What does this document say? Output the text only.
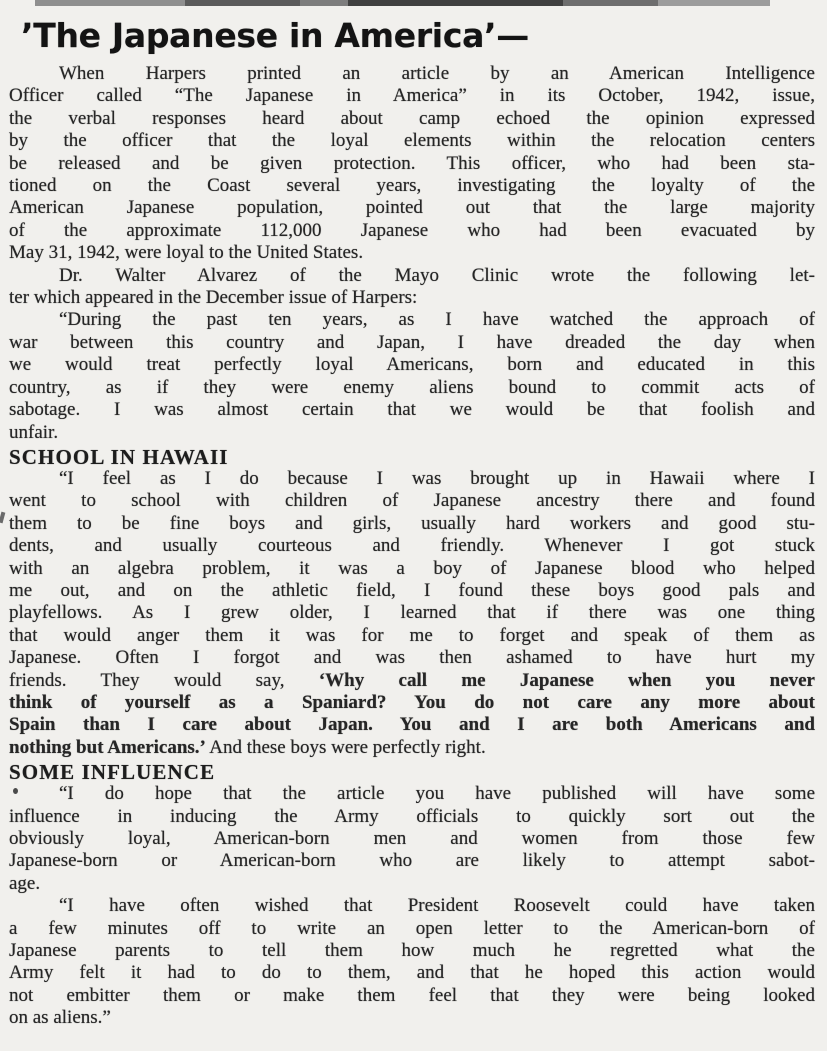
’The Japanese in America’—
When Harpers printed an article by an American Intelligence
Officer called “The Japanese in America” in its October, 1942, issue,
the verbal responses heard about camp echoed the opinion expressed
by the officer that the loyal elements within the relocation centers
be released and be given protection. This officer, who had been sta-
tioned on the Coast several years, investigating the loyalty of the
American Japanese population, pointed out that the large majority
of the approximate 112,000 Japanese who had been evacuated by
May 31, 1942, were loyal to the United States.
Dr. Walter Alvarez of the Mayo Clinic wrote the following let-
ter which appeared in the December issue of Harpers:
“During the past ten years, as I have watched the approach of
war between this country and Japan, I have dreaded the day when
we would treat perfectly loyal Americans, born and educated in this
country, as if they were enemy aliens bound to commit acts of
sabotage. I was almost certain that we would be that foolish and
unfair.
SCHOOL IN HAWAII
“I feel as I do because I was brought up in Hawaii where I
went to school with children of Japanese ancestry there and found
them to be fine boys and girls, usually hard workers and good stu-
dents, and usually courteous and friendly. Whenever I got stuck
with an algebra problem, it was a boy of Japanese blood who helped
me out, and on the athletic field, I found these boys good pals and
playfellows. As I grew older, I learned that if there was one thing
that would anger them it was for me to forget and speak of them as
Japanese. Often I forgot and was then ashamed to have hurt my
friends. They would say, ‘Why call me Japanese when you never
think of yourself as a Spaniard? You do not care any more about
Spain than I care about Japan. You and I are both Americans and
nothing but Americans.’ And these boys were perfectly right.
SOME INFLUENCE
“I do hope that the article you have published will have some
influence in inducing the Army officials to quickly sort out the
obviously loyal, American-born men and women from those few
Japanese-born or American-born who are likely to attempt sabot-
age.
“I have often wished that President Roosevelt could have taken
a few minutes off to write an open letter to the American-born of
Japanese parents to tell them how much he regretted what the
Army felt it had to do to them, and that he hoped this action would
not embitter them or make them feel that they were being looked
on as aliens.”
